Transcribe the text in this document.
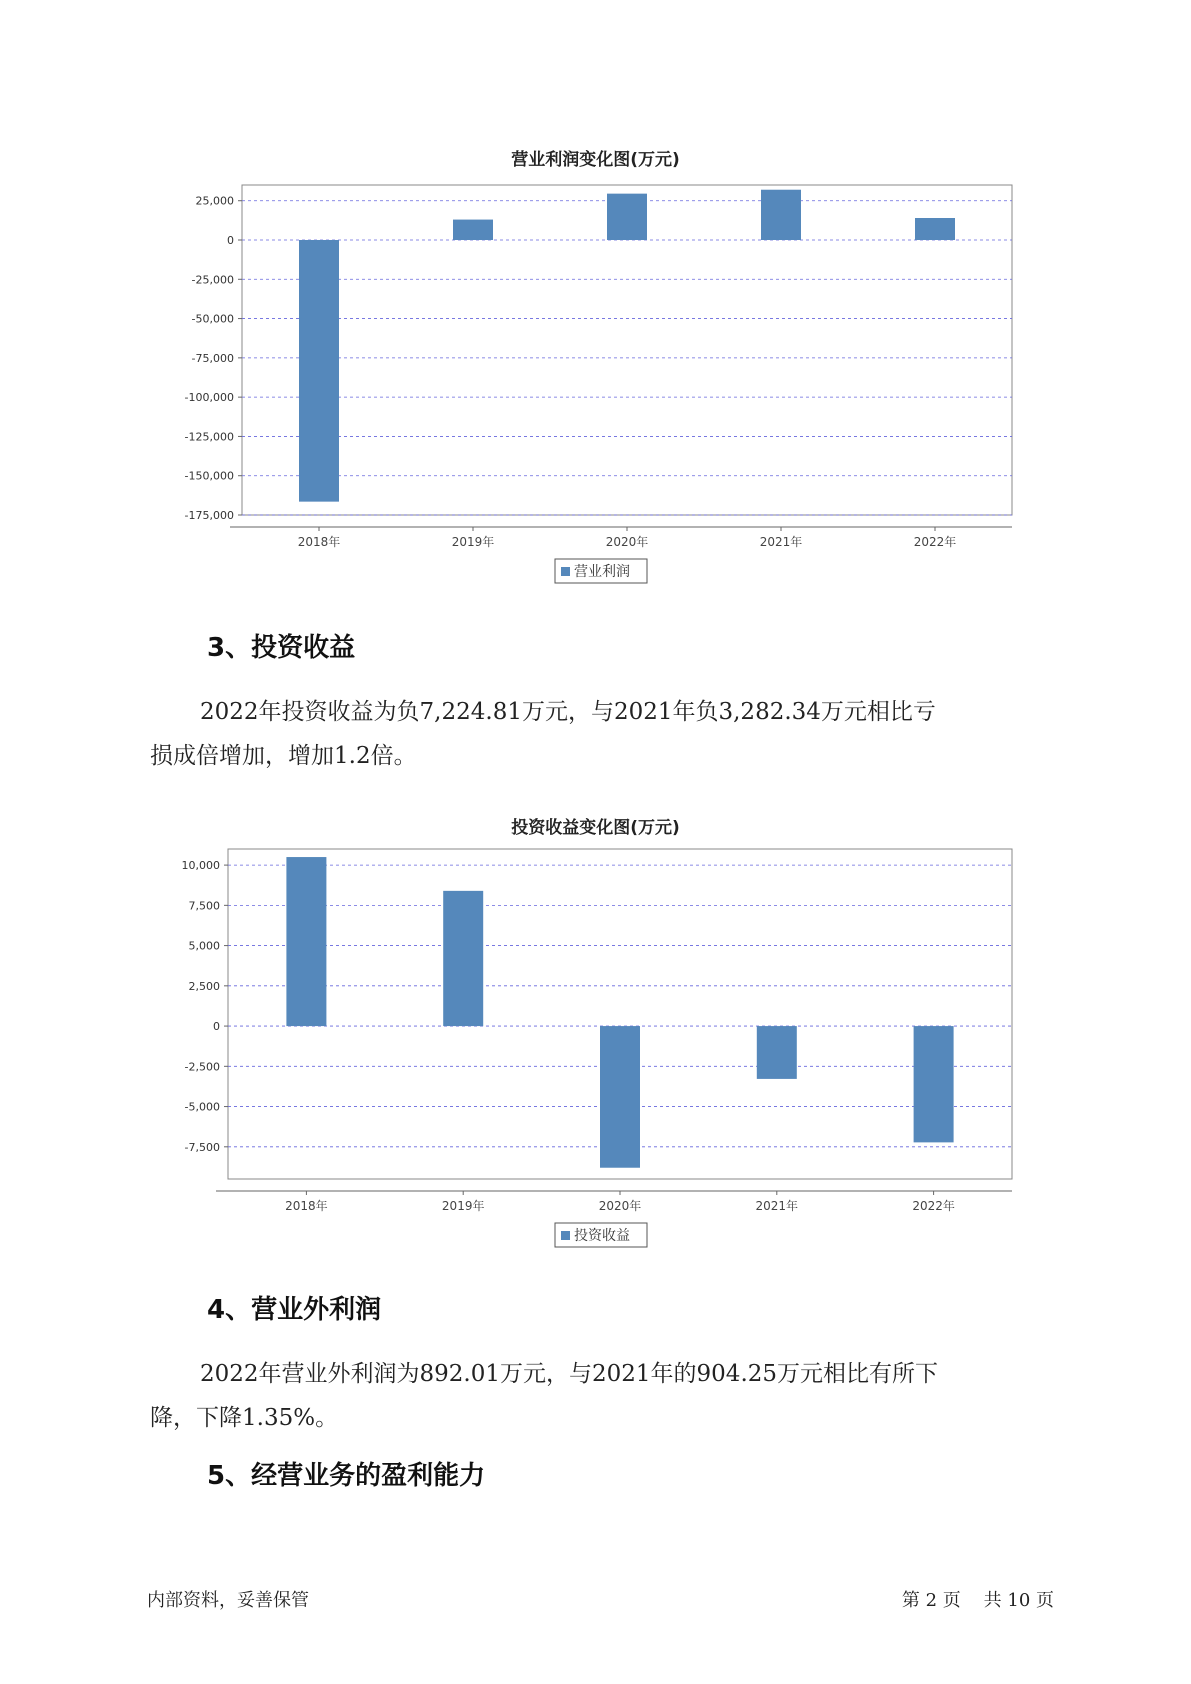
营业利润变化图(万元)
25,000
0
-25,000
-50,000
-75,000
-100,000
-125,000
-150,000
-175,000
2018年	2019年	2020年	2021年	2022年
营业利润
3、投资收益
2022年投资收益为负7,224.81万元，与2021年负3,282.34万元相比亏
损成倍增加，增加1.2倍。
投资收益变化图(万元)
10,000
7,500
5,000
2,500
0
-2,500
-5,000
-7,500
2018年	2019年	2020年	2021年	2022年
投资收益
4、营业外利润
2022年营业外利润为892.01万元，与2021年的904.25万元相比有所下
降，下降1.35%。
5、经营业务的盈利能力
内部资料，妥善保管	第 2 页    共 10 页
